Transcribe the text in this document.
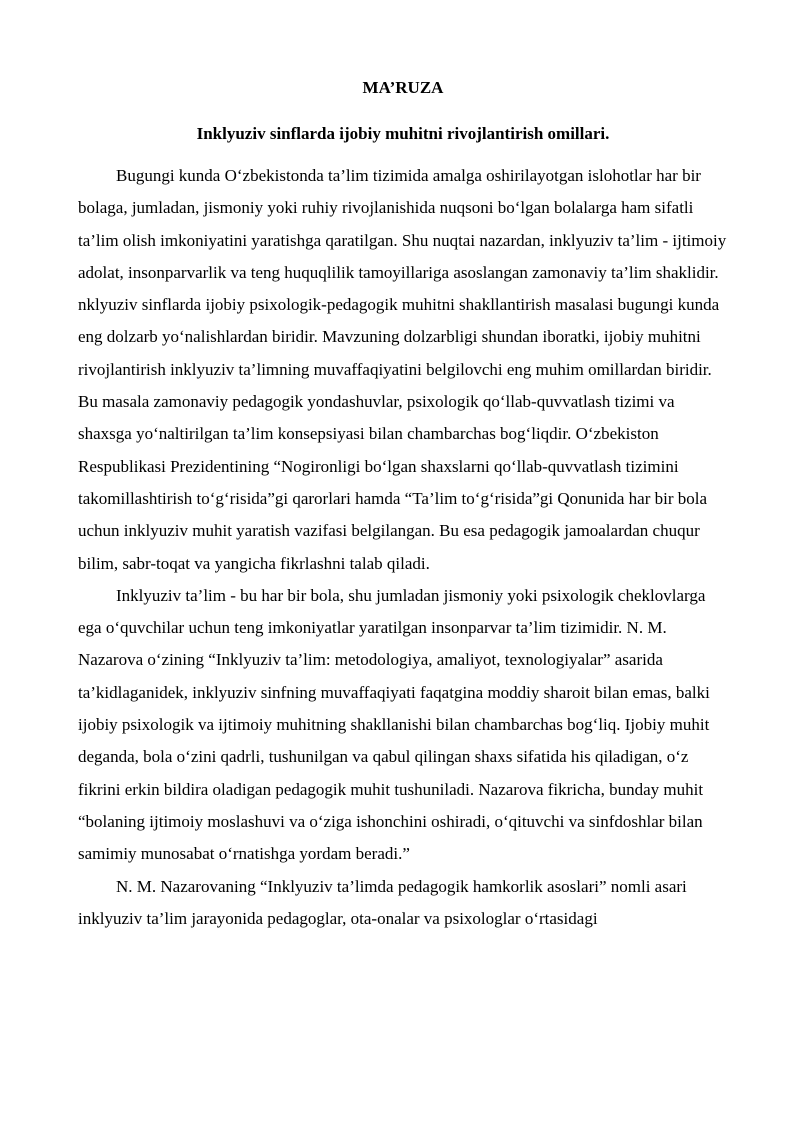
MA’RUZA
Inklyuziv sinflarda ijobiy muhitni rivojlantirish omillari.

Bugungi kunda O‘zbekistonda ta’lim tizimida amalga oshirilayotgan islohotlar har bir bolaga, jumladan, jismoniy yoki ruhiy rivojlanishida nuqsoni bo‘lgan bolalarga ham sifatli ta’lim olish imkoniyatini yaratishga qaratilgan. Shu nuqtai nazardan, inklyuziv ta’lim - ijtimoiy adolat, insonparvarlik va teng huquqlilik tamoyillariga asoslangan zamonaviy ta’lim shaklidir. nklyuziv sinflarda ijobiy psixologik-pedagogik muhitni shakllantirish masalasi bugungi kunda eng dolzarb yo‘nalishlardan biridir. Mavzuning dolzarbligi shundan iboratki, ijobiy muhitni rivojlantirish inklyuziv ta’limning muvaffaqiyatini belgilovchi eng muhim omillardan biridir. Bu masala zamonaviy pedagogik yondashuvlar, psixologik qo‘llab-quvvatlash tizimi va shaxsga yo‘naltirilgan ta’lim konsepsiyasi bilan chambarchas bog‘liqdir. O‘zbekiston Respublikasi Prezidentining “Nogironligi bo‘lgan shaxslarni qo‘llab-quvvatlash tizimini takomillashtirish to‘g‘risida”gi qarorlari hamda “Ta’lim to‘g‘risida”gi Qonunida har bir bola uchun inklyuziv muhit yaratish vazifasi belgilangan. Bu esa pedagogik jamoalardan chuqur bilim, sabr-toqat va yangicha fikrlashni talab qiladi.

Inklyuziv ta’lim - bu har bir bola, shu jumladan jismoniy yoki psixologik cheklovlarga ega o‘quvchilar uchun teng imkoniyatlar yaratilgan insonparvar ta’lim tizimidir. N. M. Nazarova o‘zining “Inklyuziv ta’lim: metodologiya, amaliyot, texnologiyalar” asarida ta’kidlaganidek, inklyuziv sinfning muvaffaqiyati faqatgina moddiy sharoit bilan emas, balki ijobiy psixologik va ijtimoiy muhitning shakllanishi bilan chambarchas bog‘liq. Ijobiy muhit deganda, bola o‘zini qadrli, tushunilgan va qabul qilingan shaxs sifatida his qiladigan, o‘z fikrini erkin bildira oladigan pedagogik muhit tushuniladi. Nazarova fikricha, bunday muhit “bolaning ijtimoiy moslashuvi va o‘ziga ishonchini oshiradi, o‘qituvchi va sinfdoshlar bilan samimiy munosabat o‘rnatishga yordam beradi.”

N. M. Nazarovaning “Inklyuziv ta’limda pedagogik hamkorlik asoslari” nomli asari inklyuziv ta’lim jarayonida pedagoglar, ota-onalar va psixologlar o‘rtasidagi
